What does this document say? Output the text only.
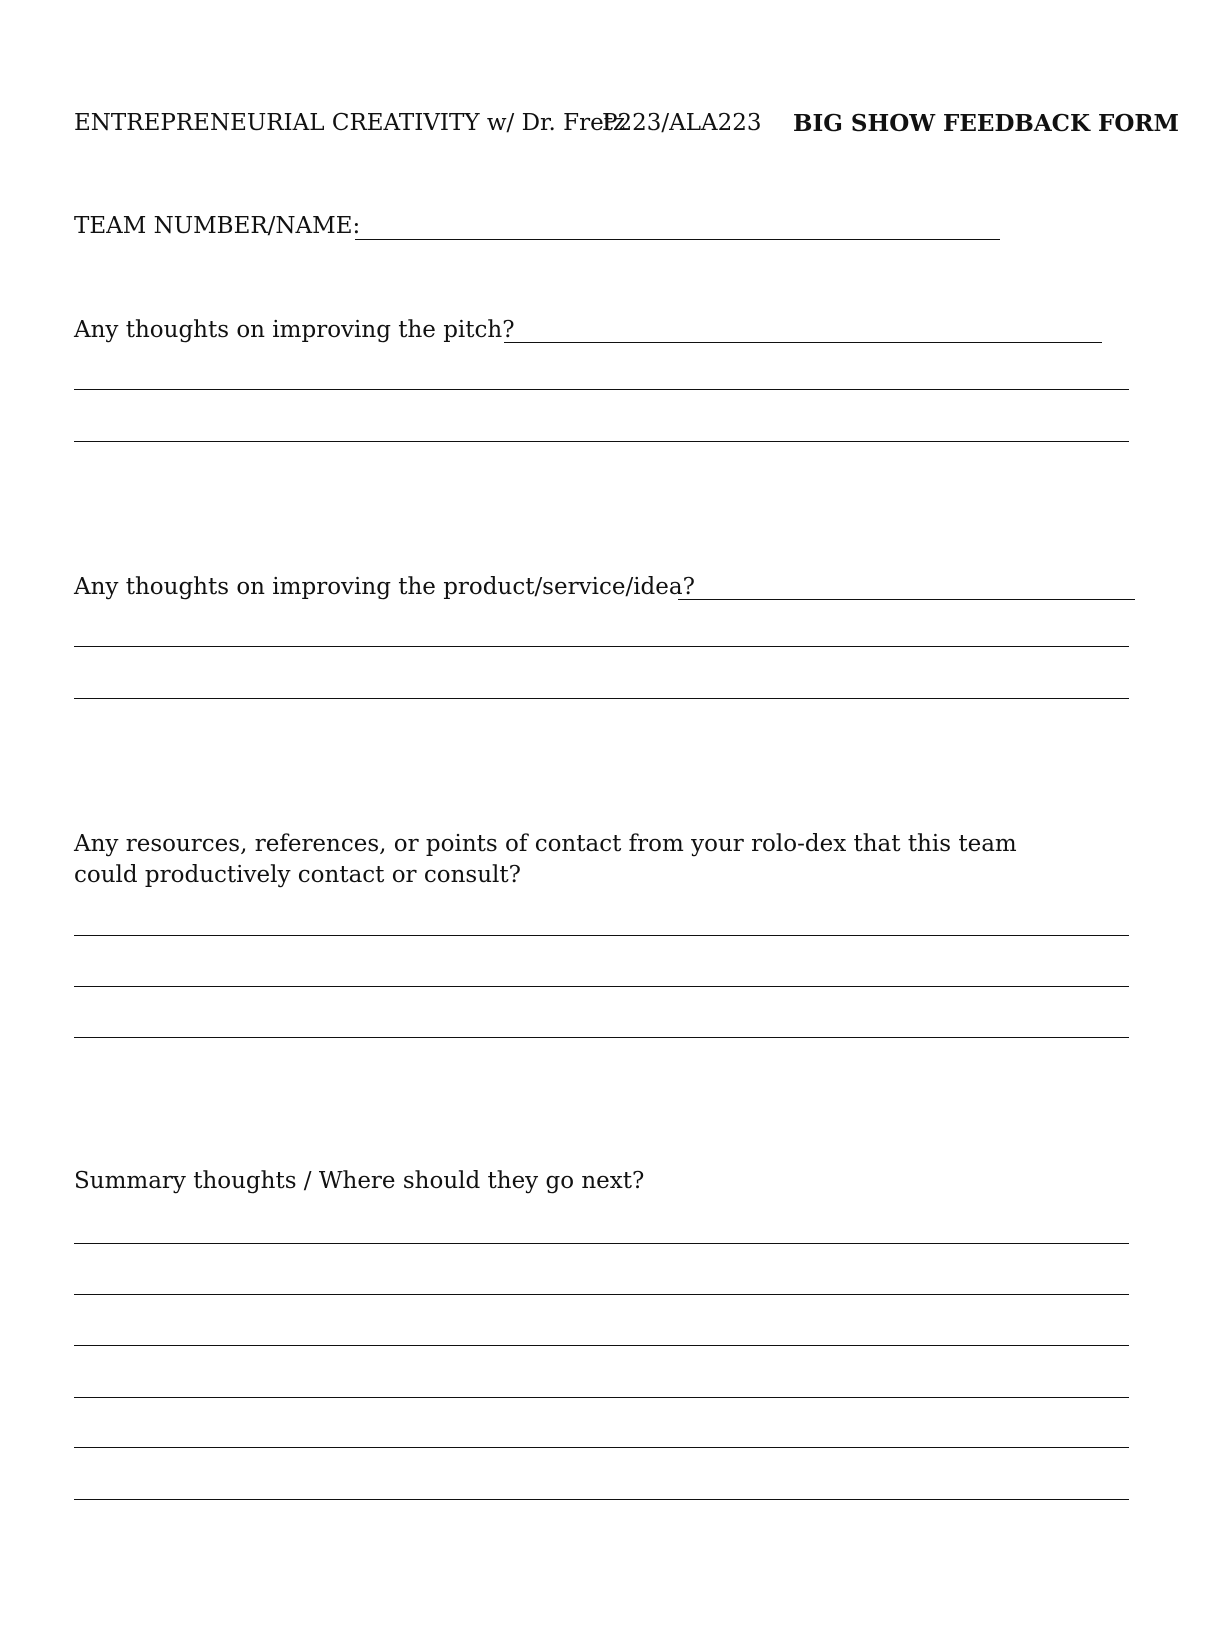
ENTREPRENEURIAL CREATIVITY w/ Dr. Fretz
P223/ALA223 BIG SHOW FEEDBACK FORM
TEAM NUMBER/NAME:
Any thoughts on improving the pitch?
Any thoughts on improving the product/service/idea?
Any resources, references, or points of contact from your rolo-dex that this team could productively contact or consult?
Summary thoughts / Where should they go next?
